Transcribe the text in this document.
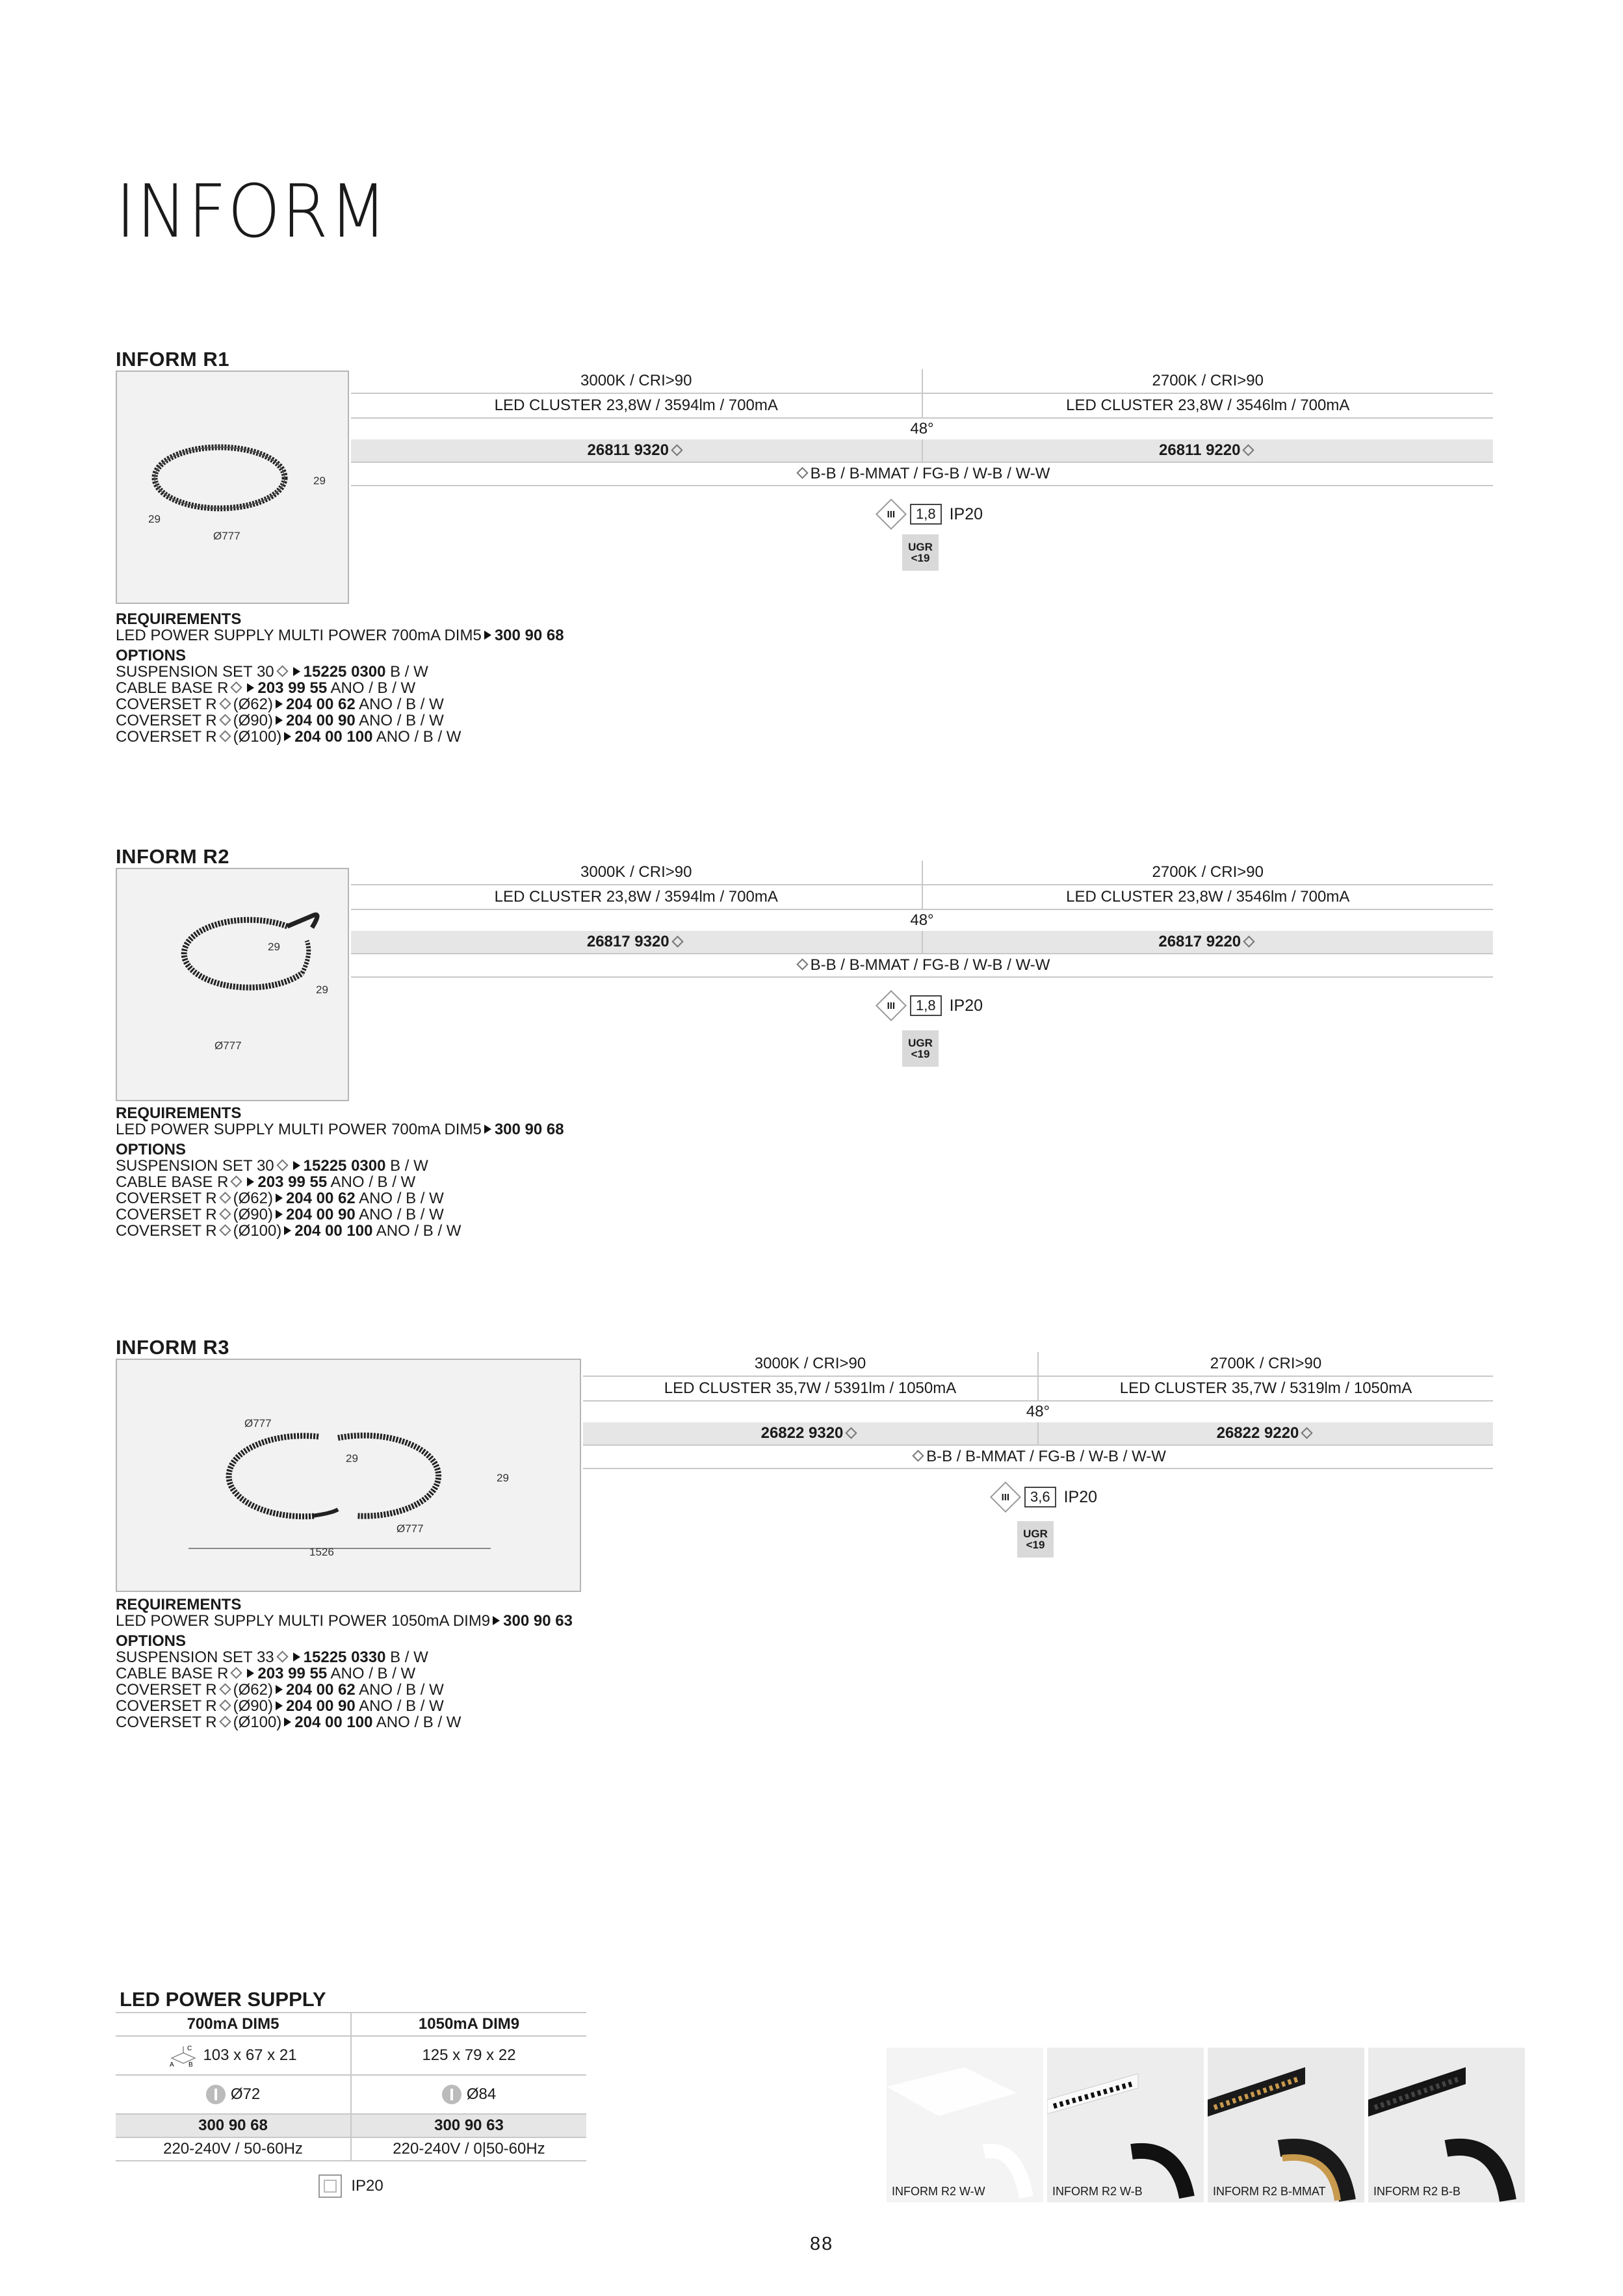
INFORM
INFORM R1
29
29
Ø777
3000K / CRI>90	2700K / CRI>90
LED CLUSTER 23,8W / 3594lm / 700mA	LED CLUSTER 23,8W / 3546lm / 700mA
48°
26811 9320	26811 9220
B-B / B-MMAT / FG-B / W-B / W-W
III	1,8 IP20
UGR
<19
REQUIREMENTS
LED POWER SUPPLY MULTI POWER 700mA DIM5 300 90 68
OPTIONS
SUSPENSION SET 30 15225 0300 B / W
CABLE BASE R 203 99 55 ANO / B / W
COVERSET R (Ø62) 204 00 62 ANO / B / W
COVERSET R (Ø90) 204 00 90 ANO / B / W
COVERSET R (Ø100) 204 00 100 ANO / B / W
INFORM R2
29
29
Ø777
3000K / CRI>90	2700K / CRI>90
LED CLUSTER 23,8W / 3594lm / 700mA	LED CLUSTER 23,8W / 3546lm / 700mA
48°
26817 9320	26817 9220
B-B / B-MMAT / FG-B / W-B / W-W
III	1,8 IP20
UGR
<19
REQUIREMENTS
LED POWER SUPPLY MULTI POWER 700mA DIM5 300 90 68
OPTIONS
SUSPENSION SET 30 15225 0300 B / W
CABLE BASE R 203 99 55 ANO / B / W
COVERSET R (Ø62) 204 00 62 ANO / B / W
COVERSET R (Ø90) 204 00 90 ANO / B / W
COVERSET R (Ø100) 204 00 100 ANO / B / W
INFORM R3
Ø777
29
29
Ø777
1526
3000K / CRI>90	2700K / CRI>90
LED CLUSTER 35,7W / 5391lm / 1050mA	LED CLUSTER 35,7W / 5319lm / 1050mA
48°
26822 9320	26822 9220
B-B / B-MMAT / FG-B / W-B / W-W
III	3,6 IP20
UGR
<19
REQUIREMENTS
LED POWER SUPPLY MULTI POWER 1050mA DIM9 300 90 63
OPTIONS
SUSPENSION SET 33 15225 0330 B / W
CABLE BASE R 203 99 55 ANO / B / W
COVERSET R (Ø62) 204 00 62 ANO / B / W
COVERSET R (Ø90) 204 00 90 ANO / B / W
COVERSET R (Ø100) 204 00 100 ANO / B / W
LED POWER SUPPLY
700mA DIM5	1050mA DIM9
A B
C 103 x 67 x 21	125 x 79 x 22
Ø72	Ø84
300 90 68	300 90 63
220-240V / 50-60Hz	220-240V / 0|50-60Hz
IP20	INFORM R2 W-W	INFORM R2 W-B	INFORM R2 B-MMAT	INFORM R2 B-B
88
